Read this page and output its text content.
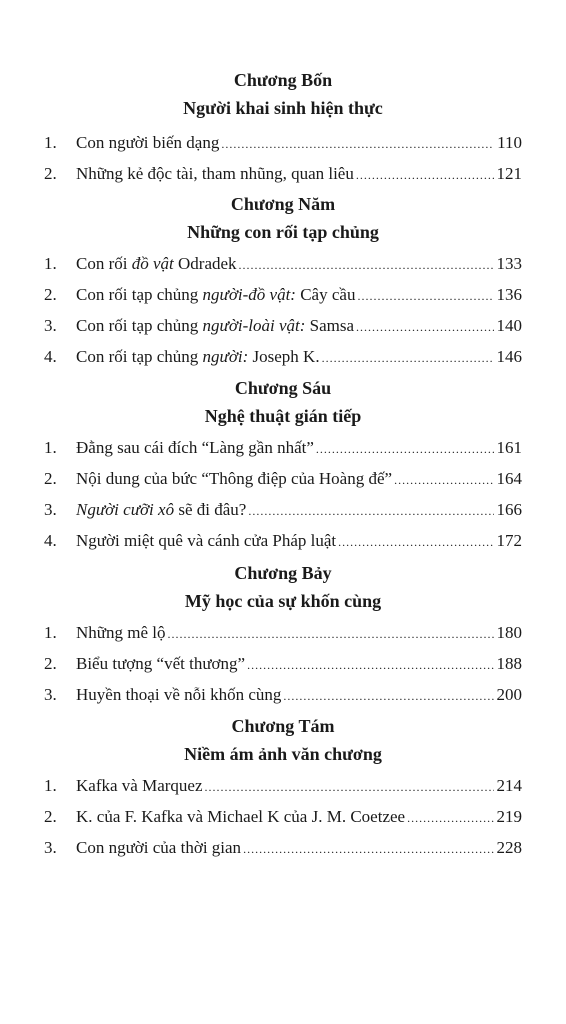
Chương Bốn
Người khai sinh hiện thực
1.	Con người biến dạng .....	110
2.	Những kẻ độc tài, tham nhũng, quan liêu .....	121
Chương Năm
Những con rối tạp chủng
1.	Con rối đồ vật Odradek .....	133
2.	Con rối tạp chủng người-đồ vật: Cây cầu .....	136
3.	Con rối tạp chủng người-loài vật: Samsa .....	140
4.	Con rối tạp chủng người: Joseph K. .....	146
Chương Sáu
Nghệ thuật gián tiếp
1.	Đằng sau cái đích “Làng gần nhất” .....	161
2.	Nội dung của bức “Thông điệp của Hoàng đế” .....	164
3.	Người cưỡi xô sẽ đi đâu? .....	166
4.	Người miệt quê và cánh cửa Pháp luật .....	172
Chương Bảy
Mỹ học của sự khốn cùng
1.	Những mê lộ .....	180
2.	Biểu tượng “vết thương” .....	188
3.	Huyền thoại về nỗi khốn cùng .....	200
Chương Tám
Niềm ám ảnh văn chương
1.	Kafka và Marquez .....	214
2.	K. của F. Kafka và Michael K của J. M. Coetzee .....	219
3.	Con người của thời gian .....	228
